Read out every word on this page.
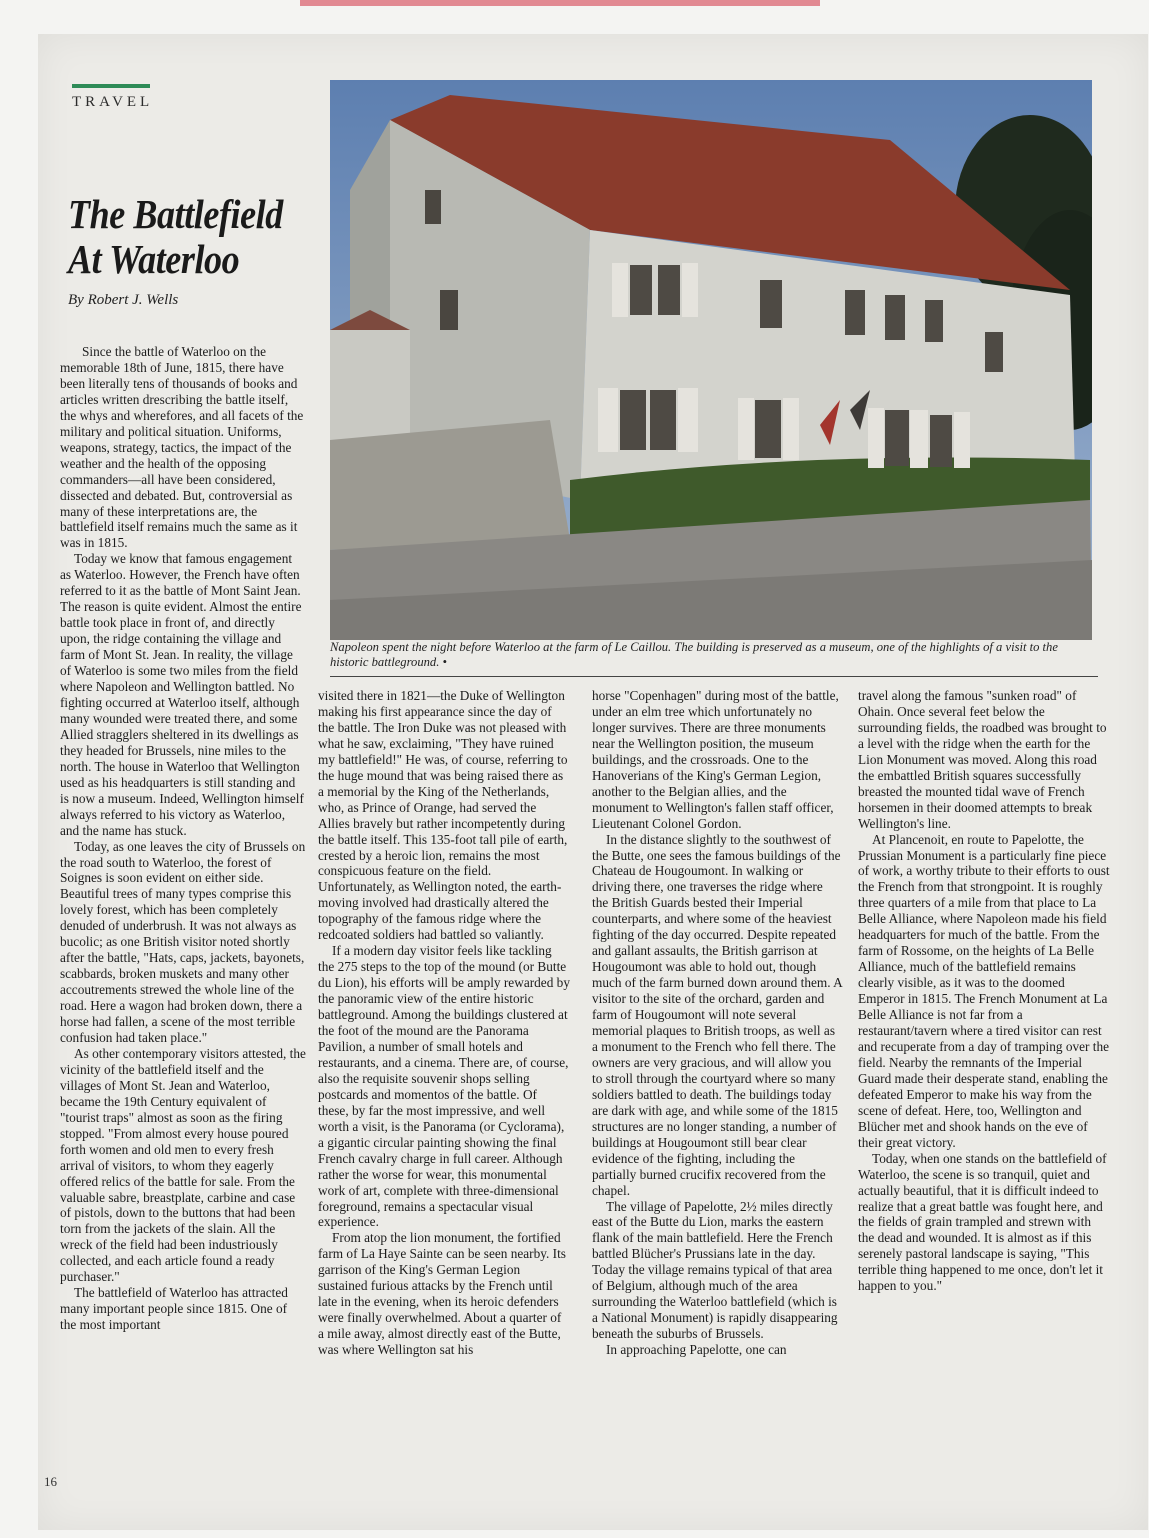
TRAVEL
The Battlefield
At Waterloo
By Robert J. Wells
Napoleon spent the night before Waterloo at the farm of Le Caillou. The building is preserved as a museum, one of the highlights of a visit to the historic battleground. •

Since the battle of Waterloo on the memorable 18th of June, 1815, there have been literally tens of thousands of books and articles written drescribing the battle itself, the whys and wherefores, and all facets of the military and political situation. Uniforms, weapons, strategy, tactics, the impact of the weather and the health of the opposing commanders—all have been considered, dissected and debated. But, controversial as many of these interpretations are, the battlefield itself remains much the same as it was in 1815.

Today we know that famous engagement as Waterloo. However, the French have often referred to it as the battle of Mont Saint Jean. The reason is quite evident. Almost the entire battle took place in front of, and directly upon, the ridge containing the village and farm of Mont St. Jean. In reality, the village of Waterloo is some two miles from the field where Napoleon and Wellington battled. No fighting occurred at Waterloo itself, although many wounded were treated there, and some Allied stragglers sheltered in its dwellings as they headed for Brussels, nine miles to the north. The house in Waterloo that Wellington used as his headquarters is still standing and is now a museum. Indeed, Wellington himself always referred to his victory as Waterloo, and the name has stuck.

Today, as one leaves the city of Brussels on the road south to Waterloo, the forest of Soignes is soon evident on either side. Beautiful trees of many types comprise this lovely forest, which has been completely denuded of underbrush. It was not always as bucolic; as one British visitor noted shortly after the battle, "Hats, caps, jackets, bayonets, scabbards, broken muskets and many other accoutrements strewed the whole line of the road. Here a wagon had broken down, there a horse had fallen, a scene of the most terrible confusion had taken place."

As other contemporary visitors attested, the vicinity of the battlefield itself and the villages of Mont St. Jean and Waterloo, became the 19th Century equivalent of "tourist traps" almost as soon as the firing stopped. "From almost every house poured forth women and old men to every fresh arrival of visitors, to whom they eagerly offered relics of the battle for sale. From the valuable sabre, breastplate, carbine and case of pistols, down to the buttons that had been torn from the jackets of the slain. All the wreck of the field had been industriously collected, and each article found a ready purchaser."

The battlefield of Waterloo has attracted many important people since 1815. One of the most important

visited there in 1821—the Duke of Wellington making his first appearance since the day of the battle. The Iron Duke was not pleased with what he saw, exclaiming, "They have ruined my battlefield!" He was, of course, referring to the huge mound that was being raised there as a memorial by the King of the Netherlands, who, as Prince of Orange, had served the Allies bravely but rather incompetently during the battle itself. This 135-foot tall pile of earth, crested by a heroic lion, remains the most conspicuous feature on the field. Unfortunately, as Wellington noted, the earth-moving involved had drastically altered the topography of the famous ridge where the redcoated soldiers had battled so valiantly.

If a modern day visitor feels like tackling the 275 steps to the top of the mound (or Butte du Lion), his efforts will be amply rewarded by the panoramic view of the entire historic battleground. Among the buildings clustered at the foot of the mound are the Panorama Pavilion, a number of small hotels and restaurants, and a cinema. There are, of course, also the requisite souvenir shops selling postcards and momentos of the battle. Of these, by far the most impressive, and well worth a visit, is the Panorama (or Cyclorama), a gigantic circular painting showing the final French cavalry charge in full career. Although rather the worse for wear, this monumental work of art, complete with three-dimensional foreground, remains a spectacular visual experience.

From atop the lion monument, the fortified farm of La Haye Sainte can be seen nearby. Its garrison of the King's German Legion sustained furious attacks by the French until late in the evening, when its heroic defenders were finally overwhelmed. About a quarter of a mile away, almost directly east of the Butte, was where Wellington sat his

horse "Copenhagen" during most of the battle, under an elm tree which unfortunately no longer survives. There are three monuments near the Wellington position, the museum buildings, and the crossroads. One to the Hanoverians of the King's German Legion, another to the Belgian allies, and the monument to Wellington's fallen staff officer, Lieutenant Colonel Gordon.

In the distance slightly to the southwest of the Butte, one sees the famous buildings of the Chateau de Hougoumont. In walking or driving there, one traverses the ridge where the British Guards bested their Imperial counterparts, and where some of the heaviest fighting of the day occurred. Despite repeated and gallant assaults, the British garrison at Hougoumont was able to hold out, though much of the farm burned down around them. A visitor to the site of the orchard, garden and farm of Hougoumont will note several memorial plaques to British troops, as well as a monument to the French who fell there. The owners are very gracious, and will allow you to stroll through the courtyard where so many soldiers battled to death. The buildings today are dark with age, and while some of the 1815 structures are no longer standing, a number of buildings at Hougoumont still bear clear evidence of the fighting, including the partially burned crucifix recovered from the chapel.

The village of Papelotte, 2½ miles directly east of the Butte du Lion, marks the eastern flank of the main battlefield. Here the French battled Blücher's Prussians late in the day. Today the village remains typical of that area of Belgium, although much of the area surrounding the Waterloo battlefield (which is a National Monument) is rapidly disappearing beneath the suburbs of Brussels.

In approaching Papelotte, one can

travel along the famous "sunken road" of Ohain. Once several feet below the surrounding fields, the roadbed was brought to a level with the ridge when the earth for the Lion Monument was moved. Along this road the embattled British squares successfully breasted the mounted tidal wave of French horsemen in their doomed attempts to break Wellington's line.

At Plancenoit, en route to Papelotte, the Prussian Monument is a particularly fine piece of work, a worthy tribute to their efforts to oust the French from that strongpoint. It is roughly three quarters of a mile from that place to La Belle Alliance, where Napoleon made his field headquarters for much of the battle. From the farm of Rossome, on the heights of La Belle Alliance, much of the battlefield remains clearly visible, as it was to the doomed Emperor in 1815. The French Monument at La Belle Alliance is not far from a restaurant/tavern where a tired visitor can rest and recuperate from a day of tramping over the field. Nearby the remnants of the Imperial Guard made their desperate stand, enabling the defeated Emperor to make his way from the scene of defeat. Here, too, Wellington and Blücher met and shook hands on the eve of their great victory.

Today, when one stands on the battlefield of Waterloo, the scene is so tranquil, quiet and actually beautiful, that it is difficult indeed to realize that a great battle was fought here, and the fields of grain trampled and strewn with the dead and wounded. It is almost as if this serenely pastoral landscape is saying, "This terrible thing happened to me once, don't let it happen to you."

16
